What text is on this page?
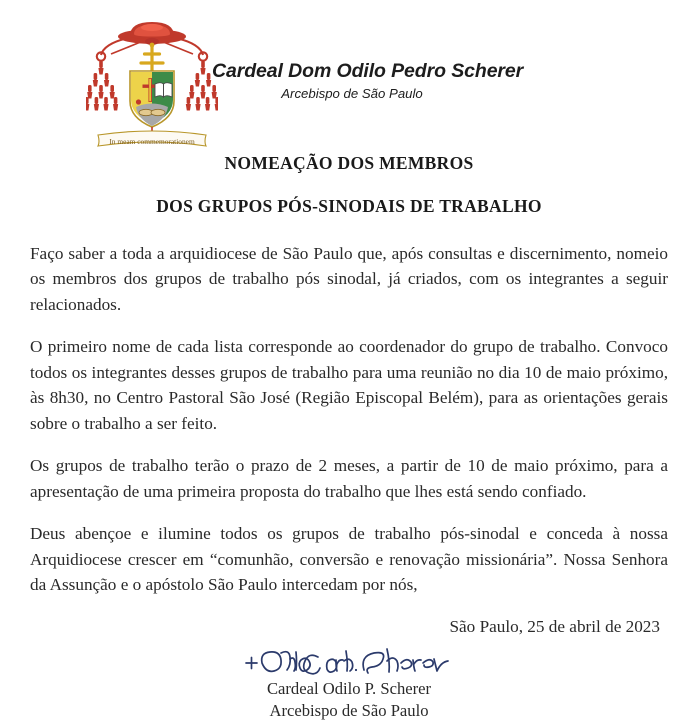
In meam commemorationem
Cardeal Dom Odilo Pedro Scherer
Arcebispo de São Paulo
NOMEAÇÃO DOS MEMBROS
DOS GRUPOS PÓS-SINODAIS DE TRABALHO

Faço saber a toda a arquidiocese de São Paulo que, após consultas e discernimento, nomeio os membros dos grupos de trabalho pós sinodal, já criados, com os integrantes a seguir relacionados.

O primeiro nome de cada lista corresponde ao coordenador do grupo de trabalho. Convoco todos os integrantes desses grupos de trabalho para uma reunião no dia 10 de maio próximo, às 8h30, no Centro Pastoral São José (Região Episcopal Belém), para as orientações gerais sobre o trabalho a ser feito.

Os grupos de trabalho terão o prazo de 2 meses, a partir de 10 de maio próximo, para a apresentação de uma primeira proposta do trabalho que lhes está sendo confiado.

Deus abençoe e ilumine todos os grupos de trabalho pós-sinodal e conceda à nossa Arquidiocese crescer em “comunhão, conversão e renovação missionária”. Nossa Senhora da Assunção e o apóstolo São Paulo intercedam por nós,

São Paulo, 25 de abril de 2023
Cardeal Odilo P. Scherer
Arcebispo de São Paulo
